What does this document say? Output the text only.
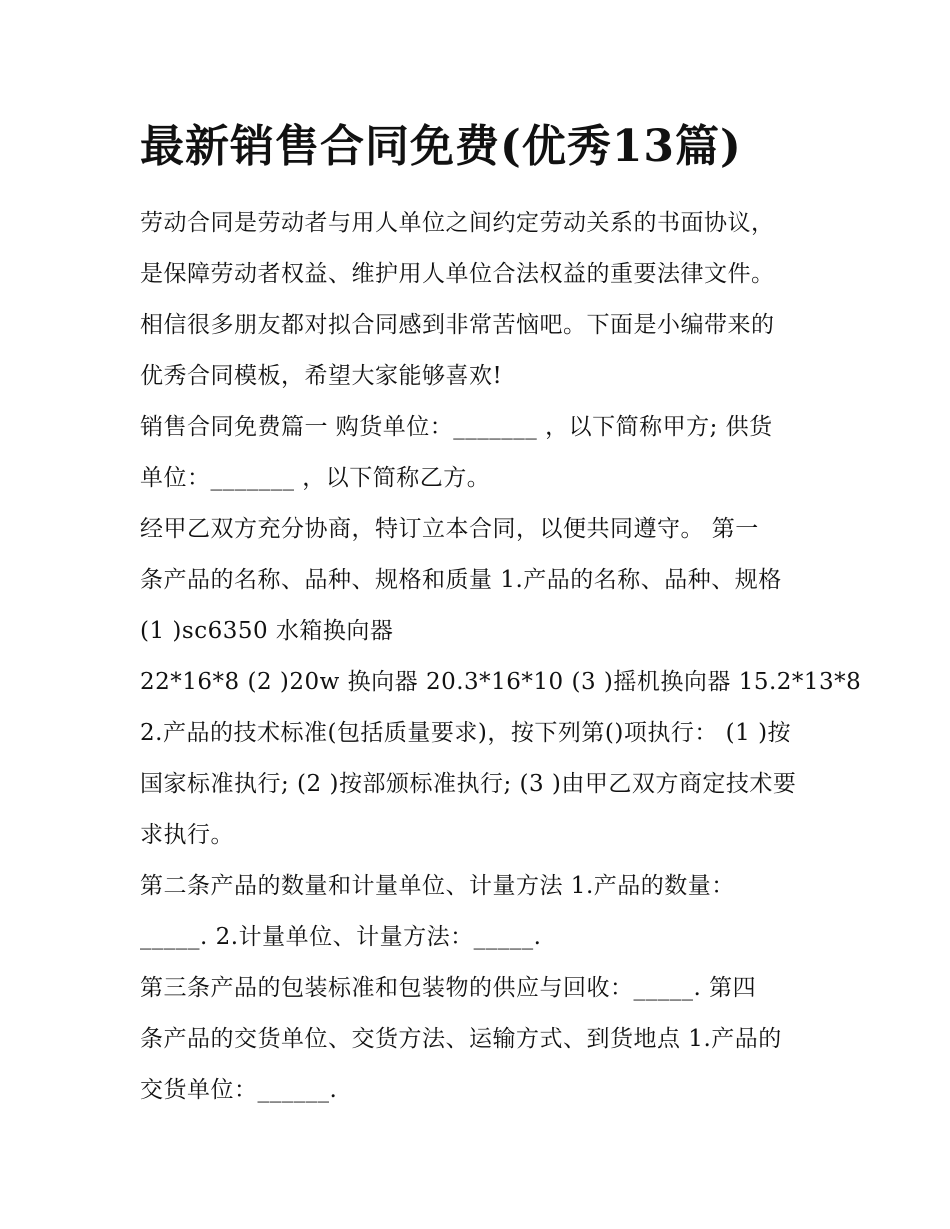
最新销售合同免费(优秀13篇)
劳动合同是劳动者与用人单位之间约定劳动关系的书面协议，
是保障劳动者权益、维护用人单位合法权益的重要法律文件。
相信很多朋友都对拟合同感到非常苦恼吧。下面是小编带来的
优秀合同模板，希望大家能够喜欢!
销售合同免费篇一 购货单位：_______ ，以下简称甲方; 供货
单位：_______ ，以下简称乙方。
经甲乙双方充分协商，特订立本合同，以便共同遵守。 第一
条产品的名称、品种、规格和质量 1.产品的名称、品种、规格
(1 )sc6350 水箱换向器
22*16*8 (2 )20w 换向器 20.3*16*10 (3 )摇机换向器 15.2*13*8
2.产品的技术标准(包括质量要求)，按下列第()项执行： (1 )按
国家标准执行; (2 )按部颁标准执行; (3 )由甲乙双方商定技术要
求执行。
第二条产品的数量和计量单位、计量方法 1.产品的数量：
_____. 2.计量单位、计量方法：_____.
第三条产品的包装标准和包装物的供应与回收：_____. 第四
条产品的交货单位、交货方法、运输方式、到货地点 1.产品的
交货单位：______.
